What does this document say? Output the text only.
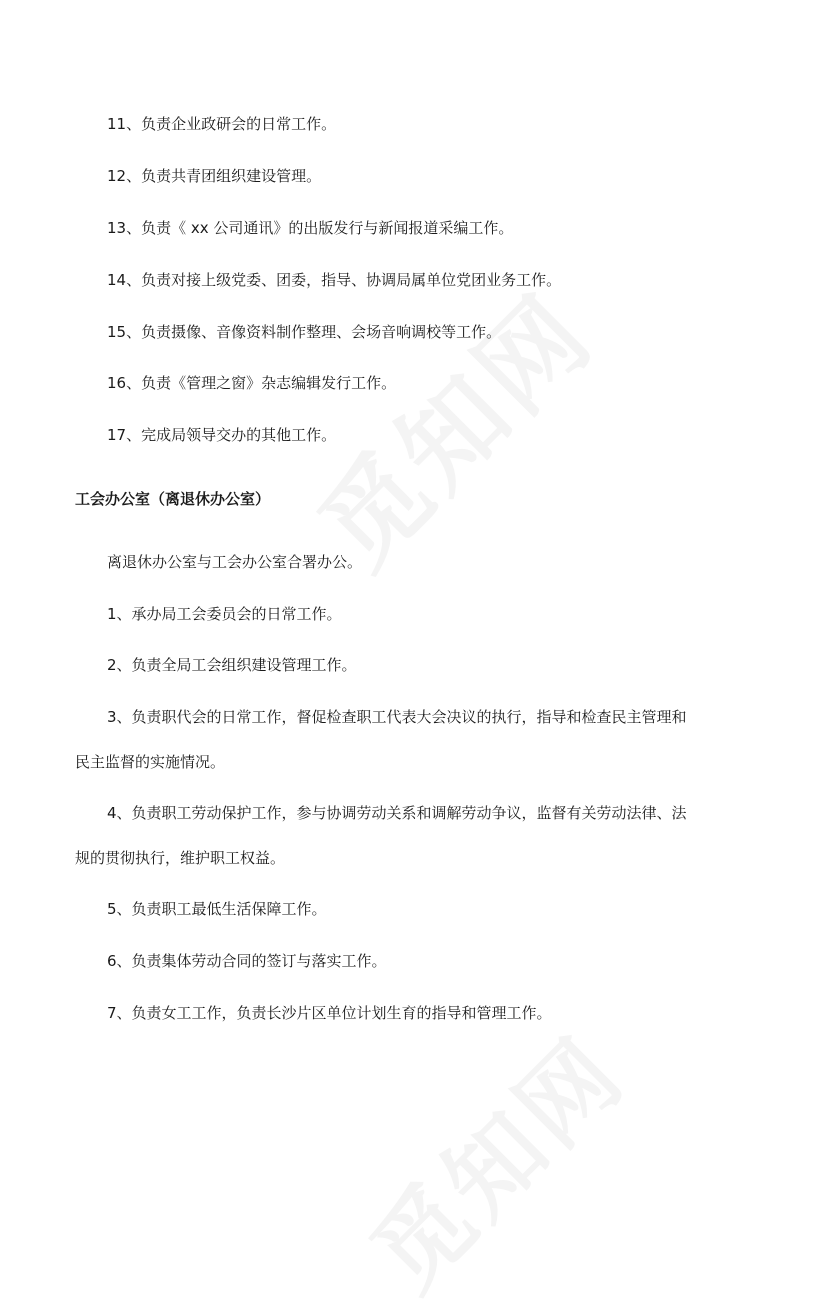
11、负责企业政研会的日常工作。
12、负责共青团组织建设管理。
13、负责《 xx 公司通讯》的出版发行与新闻报道采编工作。
14、负责对接上级党委、团委，指导、协调局属单位党团业务工作。
15、负责摄像、音像资料制作整理、会场音响调校等工作。
16、负责《管理之窗》杂志编辑发行工作。
17、完成局领导交办的其他工作。
工会办公室（离退休办公室）
离退休办公室与工会办公室合署办公。
1、承办局工会委员会的日常工作。
2、负责全局工会组织建设管理工作。
3、负责职代会的日常工作，督促检查职工代表大会决议的执行，指导和检查民主管理和
民主监督的实施情况。
4、负责职工劳动保护工作，参与协调劳动关系和调解劳动争议，监督有关劳动法律、法
规的贯彻执行，维护职工权益。
5、负责职工最低生活保障工作。
6、负责集体劳动合同的签订与落实工作。
7、负责女工工作，负责长沙片区单位计划生育的指导和管理工作。
